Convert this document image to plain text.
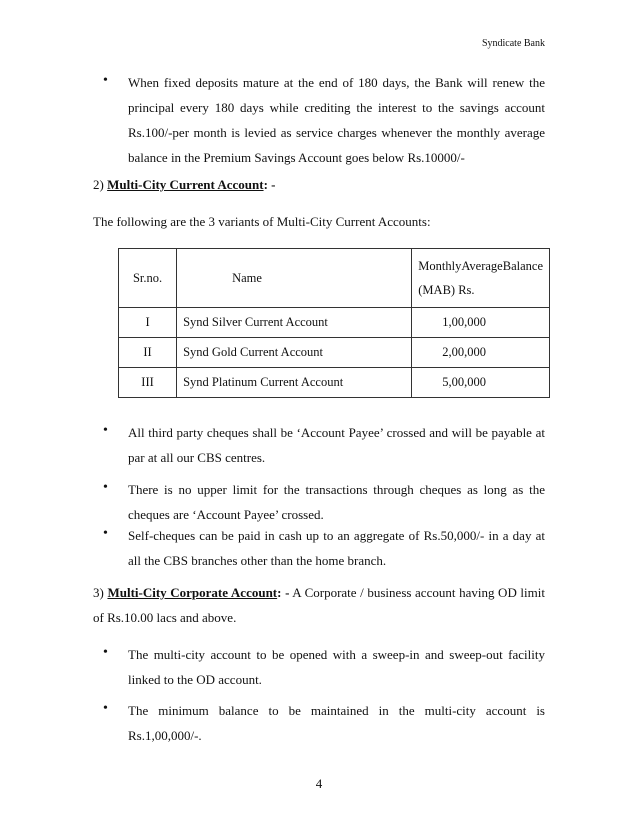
Syndicate Bank
• When fixed deposits mature at the end of 180 days, the Bank will renew the principal every 180 days while crediting the interest to the savings account Rs.100/-per month is levied as service charges whenever the monthly average balance in the Premium Savings Account goes below Rs.10000/-
2) Multi-City Current Account: -
The following are the 3 variants of Multi-City Current Accounts:
Sr.no.	Name	Monthly Average Balance
(MAB) Rs.

I	Synd Silver Current Account	1,00,000
II	Synd Gold Current Account	2,00,000
III	Synd Platinum Current Account	5,00,000
• All third party cheques shall be ‘Account Payee’ crossed and will be payable at par at all our CBS centres.
• There is no upper limit for the transactions through cheques as long as the cheques are ‘Account Payee’ crossed.
• Self-cheques can be paid in cash up to an aggregate of Rs.50,000/- in a day at all the CBS branches other than the home branch.
3) Multi-City Corporate Account: - A Corporate / business account having OD limit of Rs.10.00 lacs and above.
• The multi-city account to be opened with a sweep-in and sweep-out facility linked to the OD account.
• The minimum balance to be maintained in the multi-city account is Rs.1,00,000/-.
4
